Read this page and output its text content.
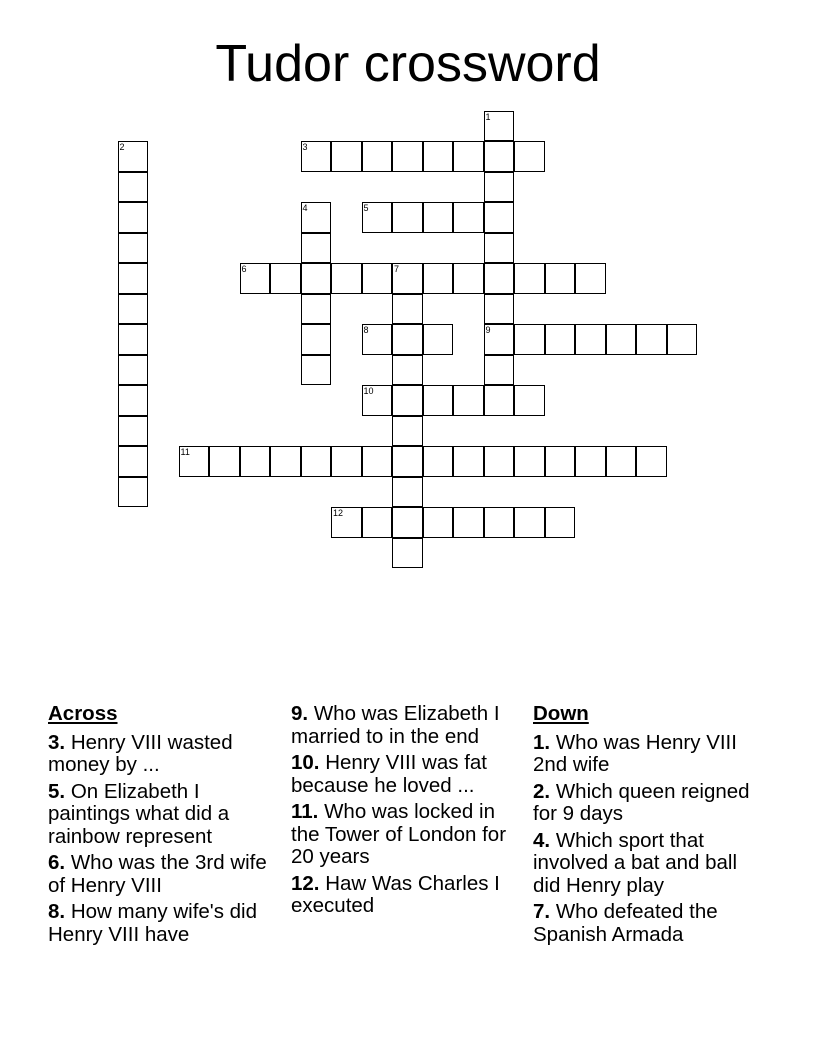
Tudor crossword
1
9
2	3
4	5
6	7
8
10
11
12
Across
3. Henry VIII wasted money by ...
5. On Elizabeth I paintings what did a rainbow represent
6. Who was the 3rd wife of Henry VIII
8. How many wife's did Henry VIII have
9. Who was Elizabeth I married to in the end
10. Henry VIII was fat because he loved ...
11. Who was locked in the Tower of London for 20 years
12. Haw Was Charles I executed
Down
1. Who was Henry VIII 2nd wife
2. Which queen reigned for 9 days
4. Which sport that involved a bat and ball did Henry play
7. Who defeated the Spanish Armada
